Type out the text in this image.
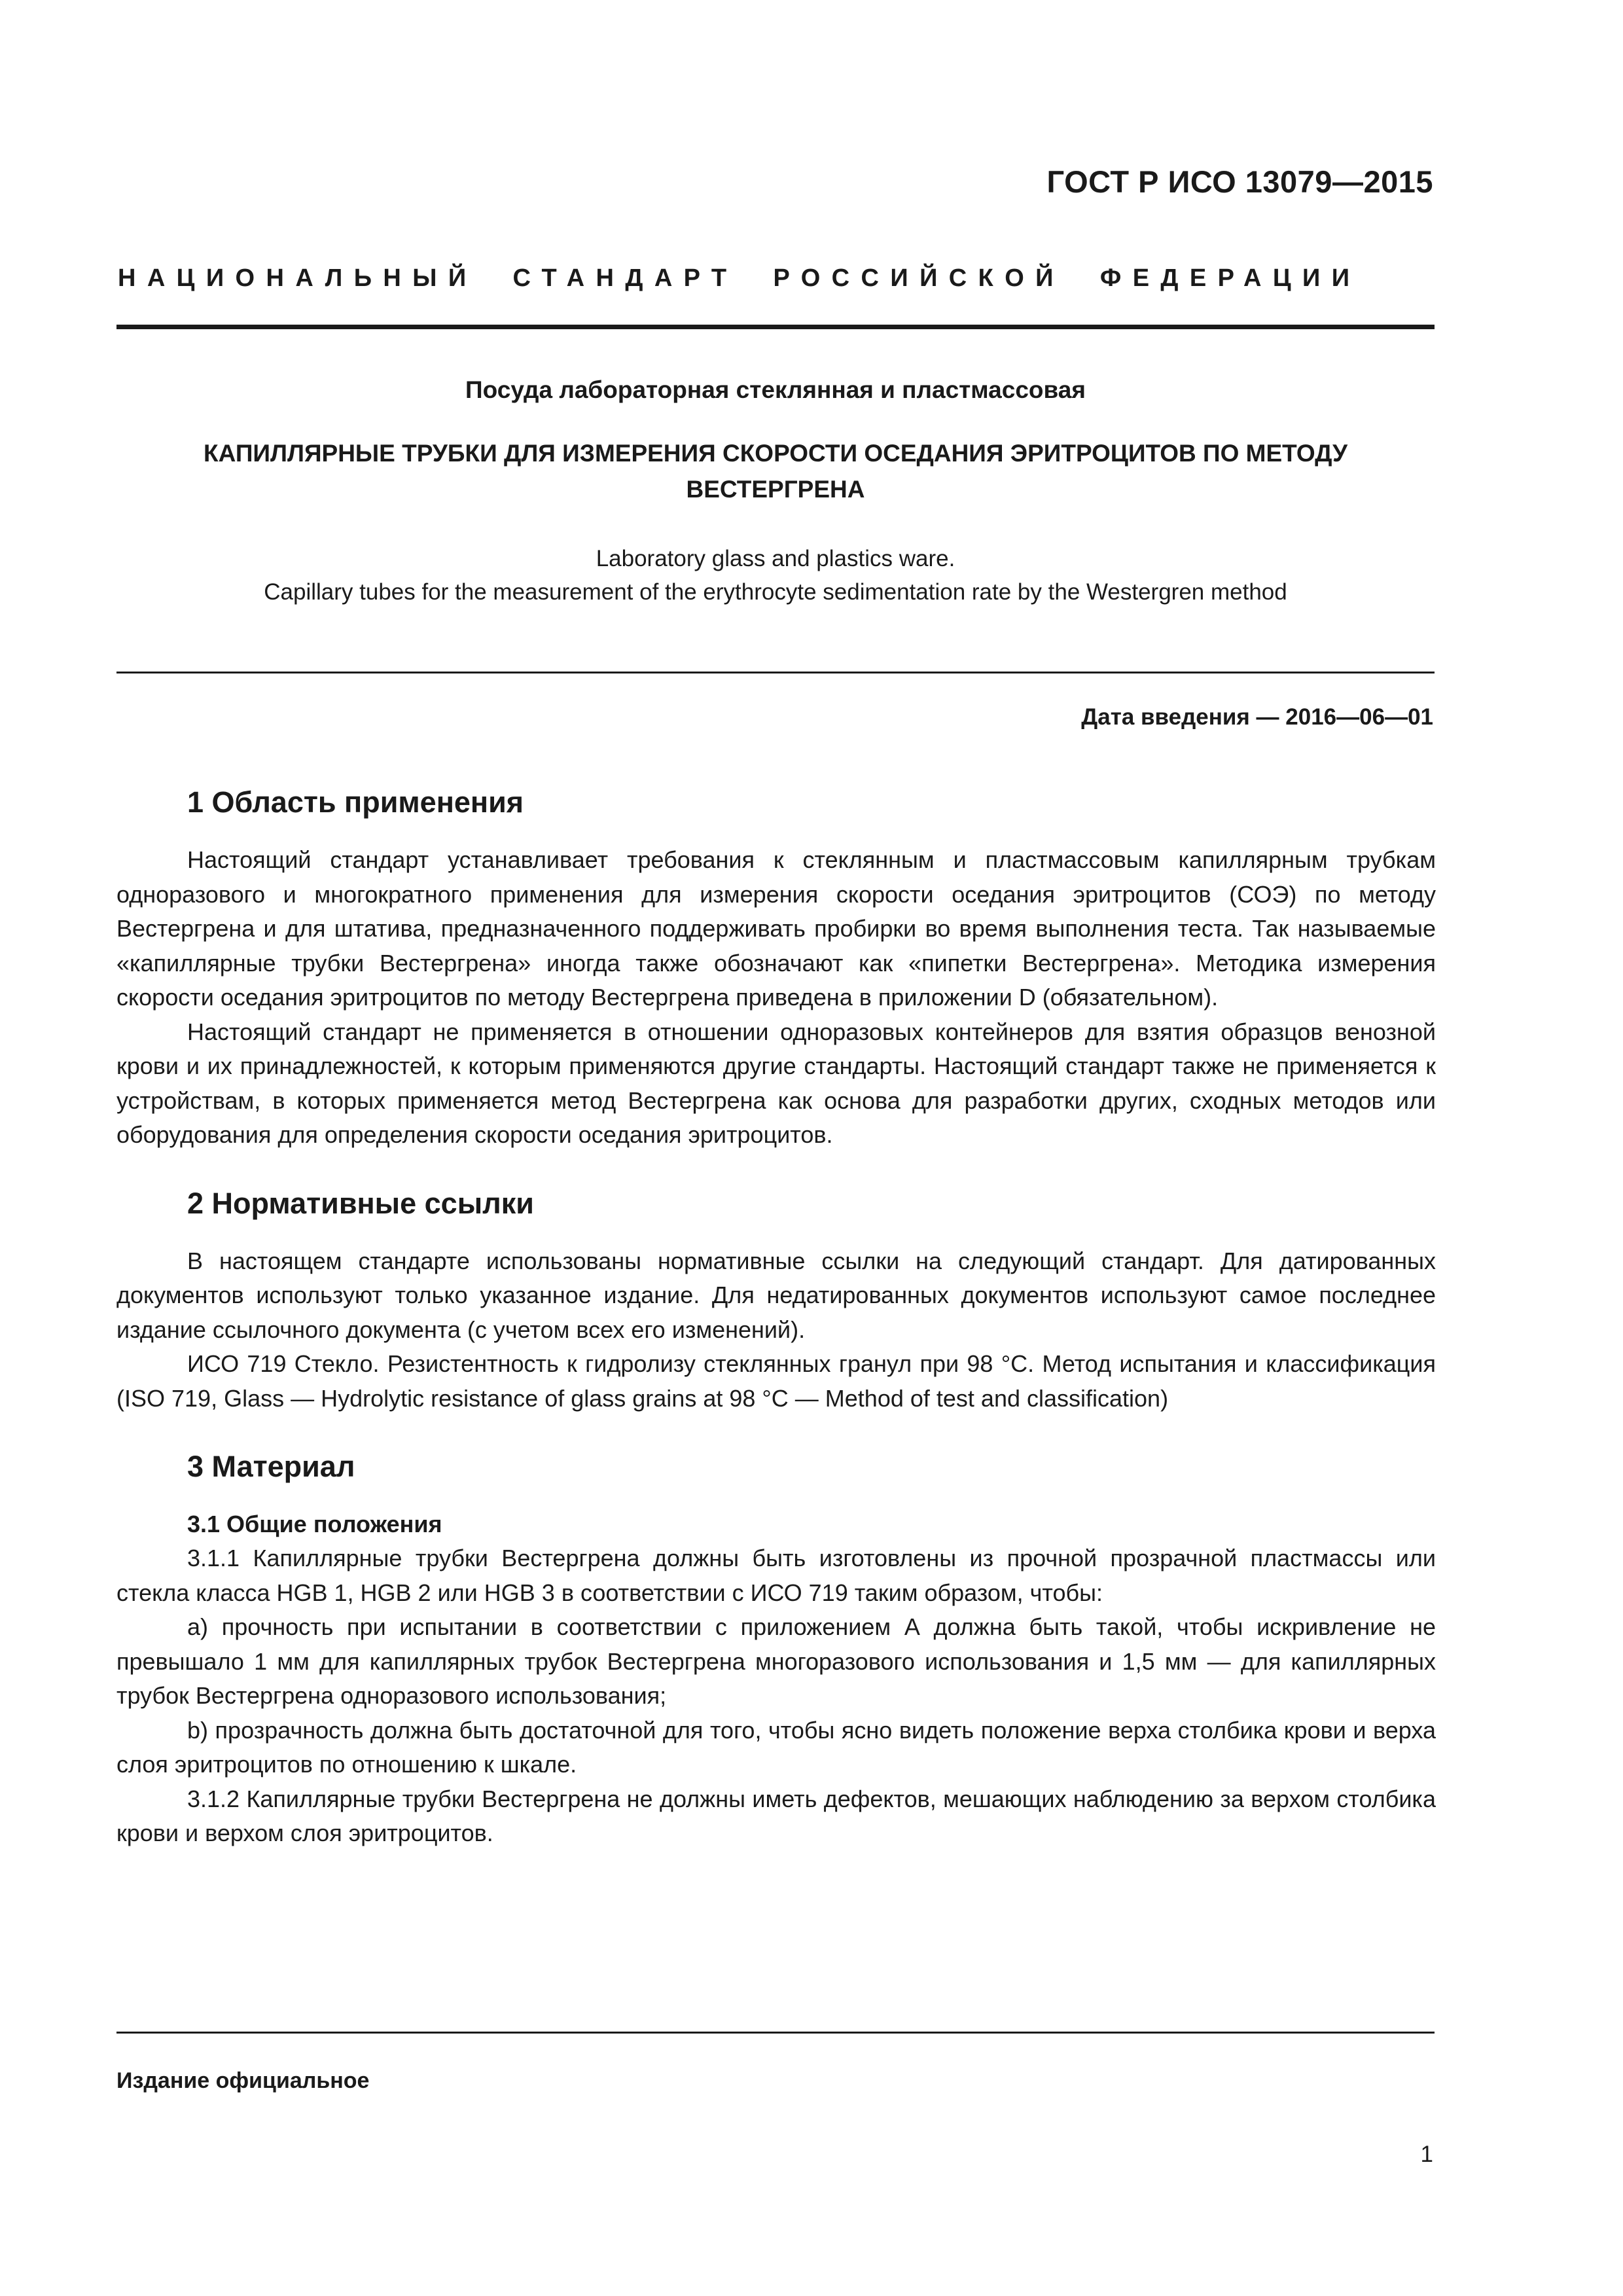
ГОСТ Р ИСО 13079—2015
НАЦИОНАЛЬНЫЙ СТАНДАРТ РОССИЙСКОЙ ФЕДЕРАЦИИ
Посуда лабораторная стеклянная и пластмассовая
КАПИЛЛЯРНЫЕ ТРУБКИ ДЛЯ ИЗМЕРЕНИЯ СКОРОСТИ ОСЕДАНИЯ ЭРИТРОЦИТОВ ПО МЕТОДУ
ВЕСТЕРГРЕНА
Laboratory glass and plastics ware.
Capillary tubes for the measurement of the erythrocyte sedimentation rate by the Westergren method
Дата введения — 2016—06—01
1 Область применения

Настоящий стандарт устанавливает требования к стеклянным и пластмассовым капиллярным трубкам одноразового и многократного применения для измерения скорости оседания эритроцитов (СОЭ) по методу Вестергрена и для штатива, предназначенного поддерживать пробирки во время выполнения теста. Так называемые «капиллярные трубки Вестергрена» иногда также обозначают как «пипетки Вестергрена». Методика измерения скорости оседания эритроцитов по методу Вестергрена приведена в приложении D (обязательном).

Настоящий стандарт не применяется в отношении одноразовых контейнеров для взятия образцов венозной крови и их принадлежностей, к которым применяются другие стандарты. Настоящий стандарт также не применяется к устройствам, в которых применяется метод Вестергрена как основа для разработки других, сходных методов или оборудования для определения скорости оседания эритроцитов.

2 Нормативные ссылки

В настоящем стандарте использованы нормативные ссылки на следующий стандарт. Для датированных документов используют только указанное издание. Для недатированных документов используют самое последнее издание ссылочного документа (с учетом всех его изменений).

ИСО 719 Стекло. Резистентность к гидролизу стеклянных гранул при 98 °С. Метод испытания и классификация (ISO 719, Glass — Hydrolytic resistance of glass grains at 98 °C — Method of test and classification)

3 Материал
3.1 Общие положения

3.1.1 Капиллярные трубки Вестергрена должны быть изготовлены из прочной прозрачной пластмассы или стекла класса HGB 1, HGB 2 или HGB 3 в соответствии с ИСО 719 таким образом, чтобы:

a) прочность при испытании в соответствии с приложением А должна быть такой, чтобы искривление не превышало 1 мм для капиллярных трубок Вестергрена многоразового использования и 1,5 мм — для капиллярных трубок Вестергрена одноразового использования;

b) прозрачность должна быть достаточной для того, чтобы ясно видеть положение верха столбика крови и верха слоя эритроцитов по отношению к шкале.

3.1.2 Капиллярные трубки Вестергрена не должны иметь дефектов, мешающих наблюдению за верхом столбика крови и верхом слоя эритроцитов.

Издание официальное
1
